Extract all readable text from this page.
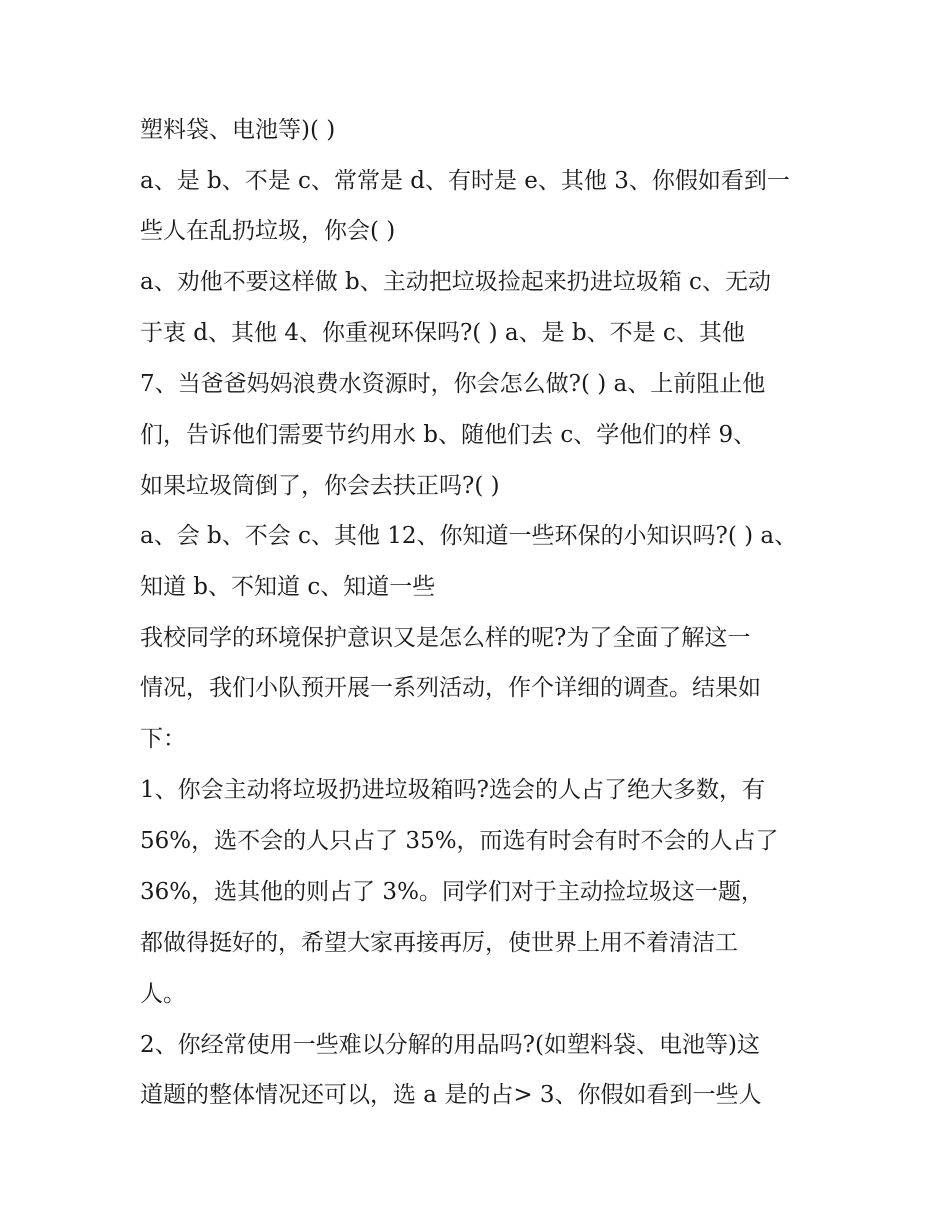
塑料袋、电池等)( )
a、是 b、不是 c、常常是 d、有时是 e、其他 3、你假如看到一
些人在乱扔垃圾，你会( )
a、劝他不要这样做 b、主动把垃圾捡起来扔进垃圾箱 c、无动
于衷 d、其他 4、你重视环保吗?( ) a、是 b、不是 c、其他
7、当爸爸妈妈浪费水资源时，你会怎么做?( ) a、上前阻止他
们，告诉他们需要节约用水 b、随他们去 c、学他们的样 9、
如果垃圾筒倒了，你会去扶正吗?( )
a、会 b、不会 c、其他 12、你知道一些环保的小知识吗?( ) a、
知道 b、不知道 c、知道一些
我校同学的环境保护意识又是怎么样的呢?为了全面了解这一
情况，我们小队预开展一系列活动，作个详细的调查。结果如
下：
1、你会主动将垃圾扔进垃圾箱吗?选会的人占了绝大多数，有
56%，选不会的人只占了 35%，而选有时会有时不会的人占了
36%，选其他的则占了 3%。同学们对于主动捡垃圾这一题，
都做得挺好的，希望大家再接再厉，使世界上用不着清洁工
人。
2、你经常使用一些难以分解的用品吗?(如塑料袋、电池等)这
道题的整体情况还可以，选 a 是的占> 3、你假如看到一些人
